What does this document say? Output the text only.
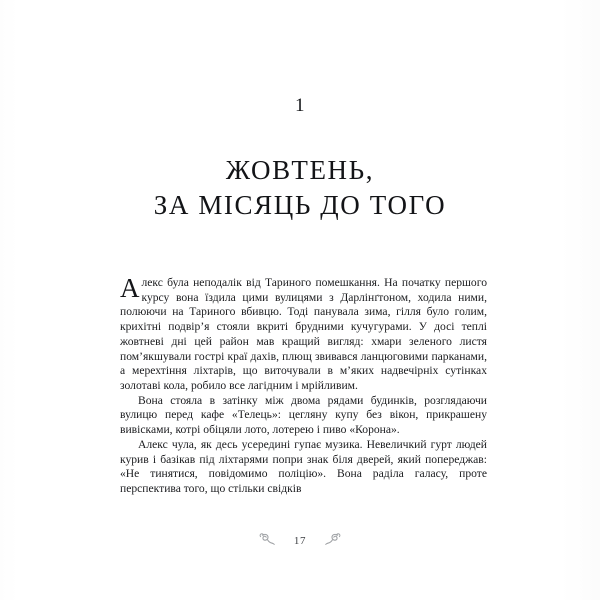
1
ЖОВТЕНЬ,
ЗА МІСЯЦЬ ДО ТОГО

Алекс була неподалік від Тариного помешкання. На початку першого курсу вона їздила цими вулицями з Дарлінґтоном, ходила ними, полюючи на Тариного вбивцю. Тоді панувала зима, гілля було голим, крихітні подвір’я стояли вкриті брудними кучугурами. У досі теплі жовтневі дні цей район мав кращий вигляд: хмари зеленого листя пом’якшували гострі краї дахів, плющ звивався ланцюговими парканами, а мерехтіння ліхтарів, що виточували в м’яких надвечірніх сутінках золотаві кола, робило все лагідним і мрійливим.

Вона стояла в затінку між двома рядами будинків, розглядаючи вулицю перед кафе «Телець»: цегляну купу без вікон, прикрашену вивісками, котрі обіцяли лото, лотерею і пиво «Корона».

Алекс чула, як десь усередині гупає музика. Невеличкий гурт людей курив і базікав під ліхтарями попри знак біля дверей, який попереджав: «Не тинятися, повідомимо поліцію». Вона раділа галасу, проте перспектива того, що стільки свідків

17
